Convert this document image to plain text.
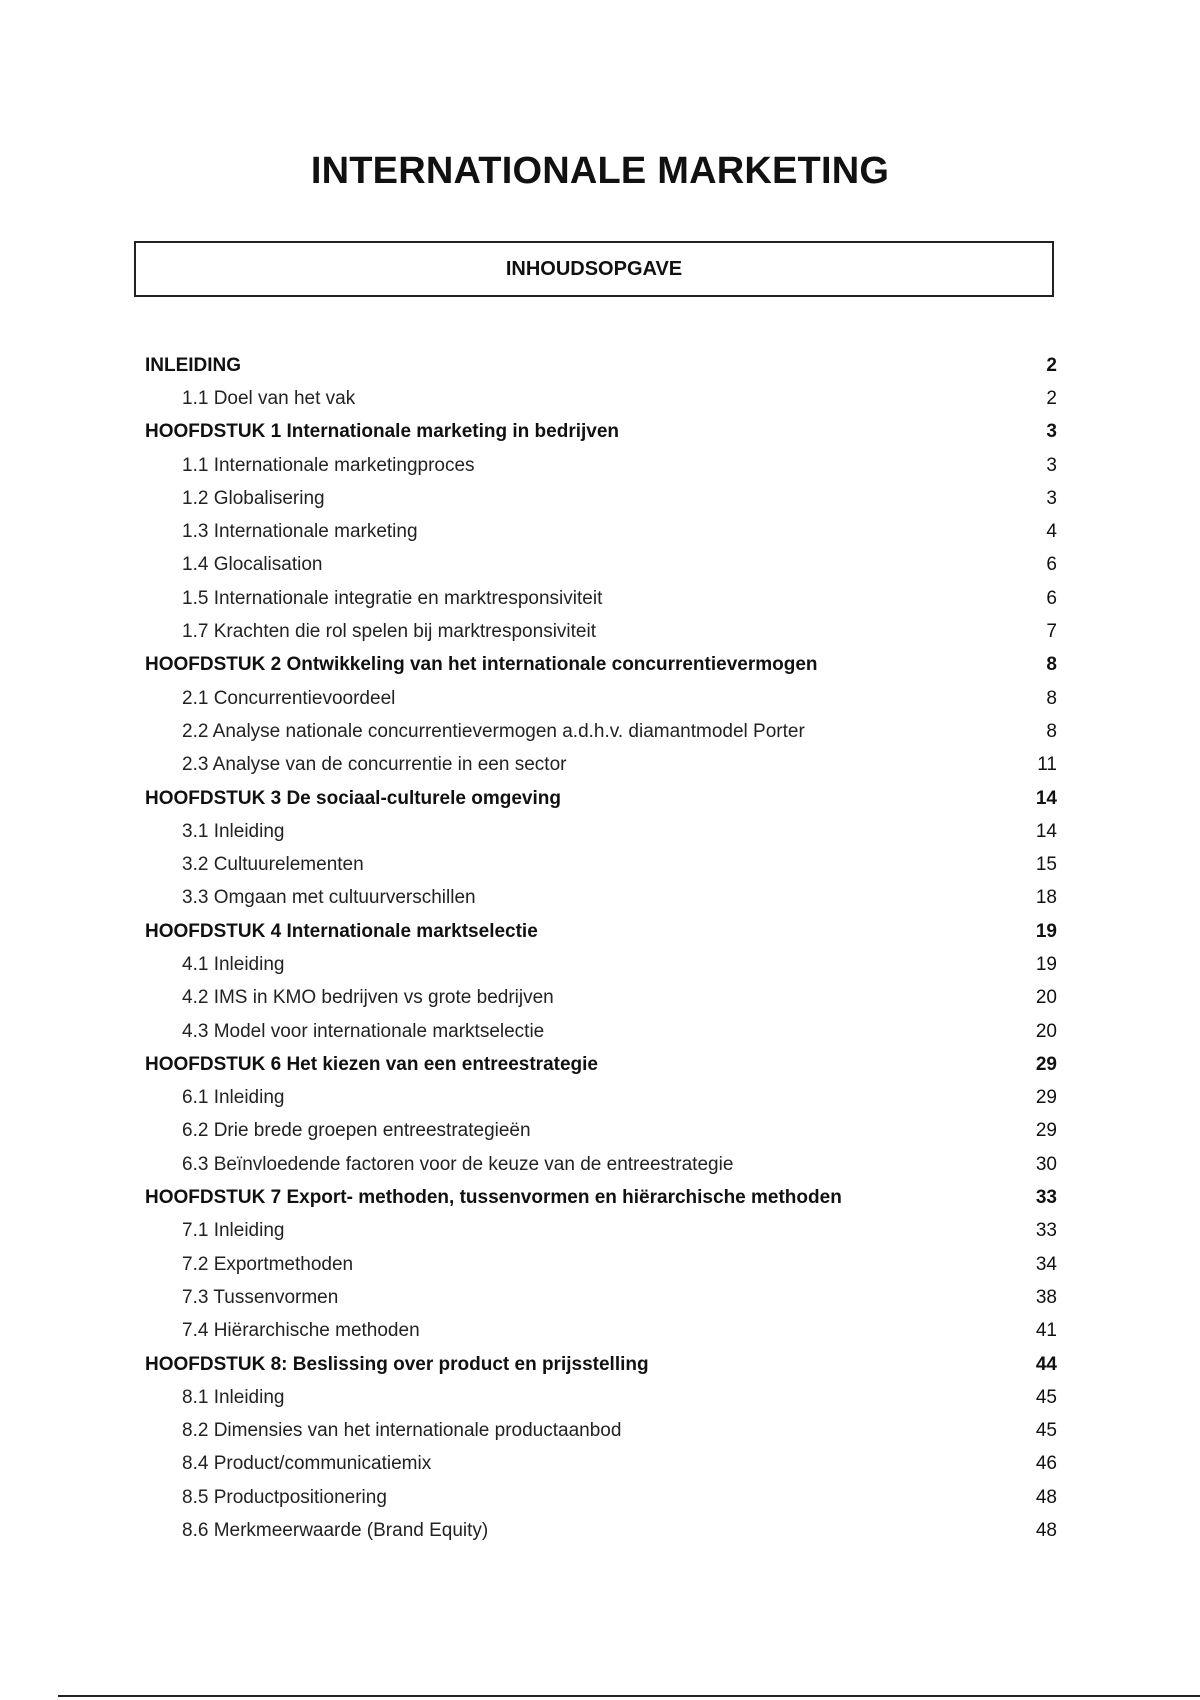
INTERNATIONALE MARKETING
INHOUDSOPGAVE
INLEIDING	2
1.1 Doel van het vak	2
HOOFDSTUK 1 Internationale marketing in bedrijven	3
1.1 Internationale marketingproces	3
1.2 Globalisering	3
1.3 Internationale marketing	4
1.4 Glocalisation	6
1.5 Internationale integratie en marktresponsiviteit	6
1.7 Krachten die rol spelen bij marktresponsiviteit	7
HOOFDSTUK 2 Ontwikkeling van het internationale concurrentievermogen	8
2.1 Concurrentievoordeel	8
2.2 Analyse nationale concurrentievermogen a.d.h.v. diamantmodel Porter	8
2.3 Analyse van de concurrentie in een sector	11
HOOFDSTUK 3 De sociaal-culturele omgeving	14
3.1 Inleiding	14
3.2 Cultuurelementen	15
3.3 Omgaan met cultuurverschillen	18
HOOFDSTUK 4 Internationale marktselectie	19
4.1 Inleiding	19
4.2 IMS in KMO bedrijven vs grote bedrijven	20
4.3 Model voor internationale marktselectie	20
HOOFDSTUK 6 Het kiezen van een entreestrategie	29
6.1 Inleiding	29
6.2 Drie brede groepen entreestrategieën	29
6.3 Beïnvloedende factoren voor de keuze van de entreestrategie	30
HOOFDSTUK 7 Export- methoden, tussenvormen en hiërarchische methoden	33
7.1 Inleiding	33
7.2 Exportmethoden	34
7.3 Tussenvormen	38
7.4 Hiërarchische methoden	41
HOOFDSTUK 8: Beslissing over product en prijsstelling	44
8.1 Inleiding	45
8.2 Dimensies van het internationale productaanbod	45
8.4 Product/communicatiemix	46
8.5 Productpositionering	48
8.6 Merkmeerwaarde (Brand Equity)	48
